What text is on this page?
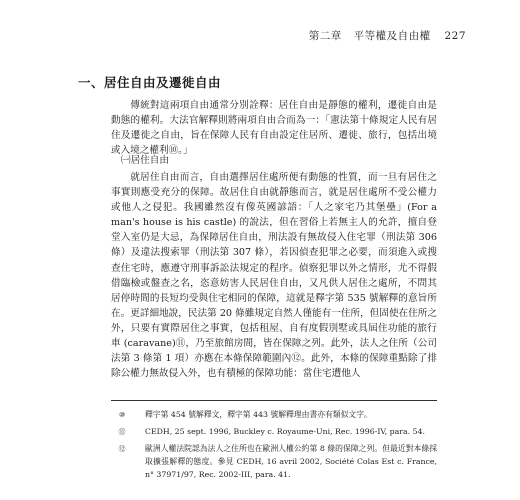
第二章 平等權及自由權 227
一、居住自由及遷徙自由

傳統對這兩項自由通常分別詮釋：居住自由是靜態的權利，遷徙自由是動態的權利。大法官解釋則將兩項自由合而為一：「憲法第十條規定人民有居住及遷徙之自由，旨在保障人民有自由設定住居所、遷徙、旅行，包括出境或入境之權利⑩。」

㈠居住自由

就居住自由而言，自由選擇居住處所便有動態的性質，而一旦有居住之事實則應受充分的保障。故居住自由就靜態而言，就是居住處所不受公權力或他人之侵犯。我國雖然沒有像英國諺語：「人之家宅乃其堡壘」(For a man's house is his castle) 的說法，但在習俗上若無主人的允許，擅自登堂入室仍是大忌，為保障居住自由，刑法設有無故侵入住宅罪（刑法第 306 條）及違法搜索罪（刑法第 307 條），若因偵查犯罪之必要，而須進入或搜查住宅時，應遵守刑事訴訟法規定的程序。偵察犯罪以外之情形，尤不得假借臨檢或盤查之名，恣意妨害人民居住自由，又凡供人居住之處所，不問其居停時間的長短均受與住宅相同的保障，這就是釋字第 535 號解釋的意旨所在。更詳細地說，民法第 20 條雖規定自然人僅能有一住所，但固使在住所之外，只要有實際居住之事實，包括租屋、自有度假別墅或具屆住功能的旅行車 (caravane)⑪，乃至旅館房間，皆在保障之列。此外，法人之住所（公司法第 3 條第 1 項）亦應在本條保障範圍內⑫。此外，本條的保障重點除了排除公權力無故侵入外，也有積極的保障功能：當住宅遭他人

⑩	釋字第 454 號解釋文，釋字第 443 號解釋理由書亦有類似文字。
⑪	CEDH, 25 sept. 1996, Buckley c. Royaume-Uni, Rec. 1996-IV, para. 54.
⑫	歐洲人權法院認為法人之住所也在歐洲人權公約第 8 條的保障之列。但最近對本條採取擴張解釋的態度。參見 CEDH, 16 avril 2002, Société Colas Est c. France, n° 37971/97, Rec. 2002-III, para. 41.
